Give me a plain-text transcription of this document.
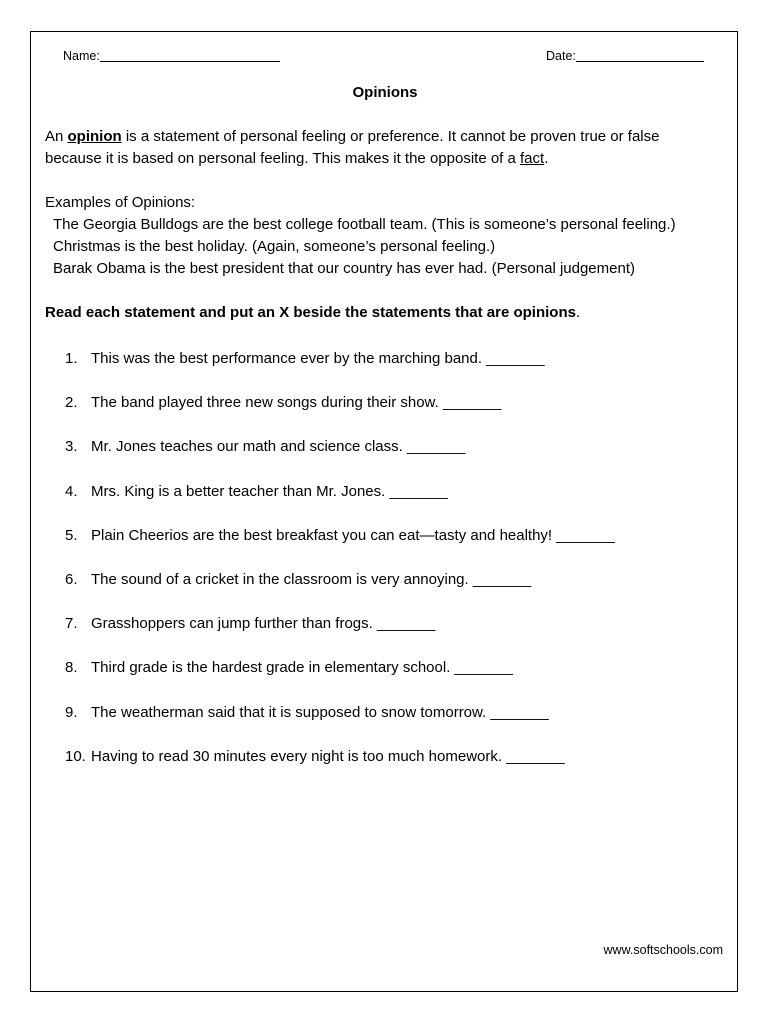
Name:	Date:
Opinions
An opinion is a statement of personal feeling or preference. It cannot be proven true or false
because it is based on personal feeling. This makes it the opposite of a fact.
Examples of Opinions:
The Georgia Bulldogs are the best college football team. (This is someone’s personal feeling.)
Christmas is the best holiday. (Again, someone’s personal feeling.)
Barak Obama is the best president that our country has ever had. (Personal judgement)
Read each statement and put an X beside the statements that are opinions.
1. This was the best performance ever by the marching band. _______
2. The band played three new songs during their show. _______
3. Mr. Jones teaches our math and science class. _______
4. Mrs. King is a better teacher than Mr. Jones. _______
5. Plain Cheerios are the best breakfast you can eat—tasty and healthy! _______
6. The sound of a cricket in the classroom is very annoying. _______
7. Grasshoppers can jump further than frogs. _______
8. Third grade is the hardest grade in elementary school. _______
9. The weatherman said that it is supposed to snow tomorrow. _______
10. Having to read 30 minutes every night is too much homework. _______
www.softschools.com
